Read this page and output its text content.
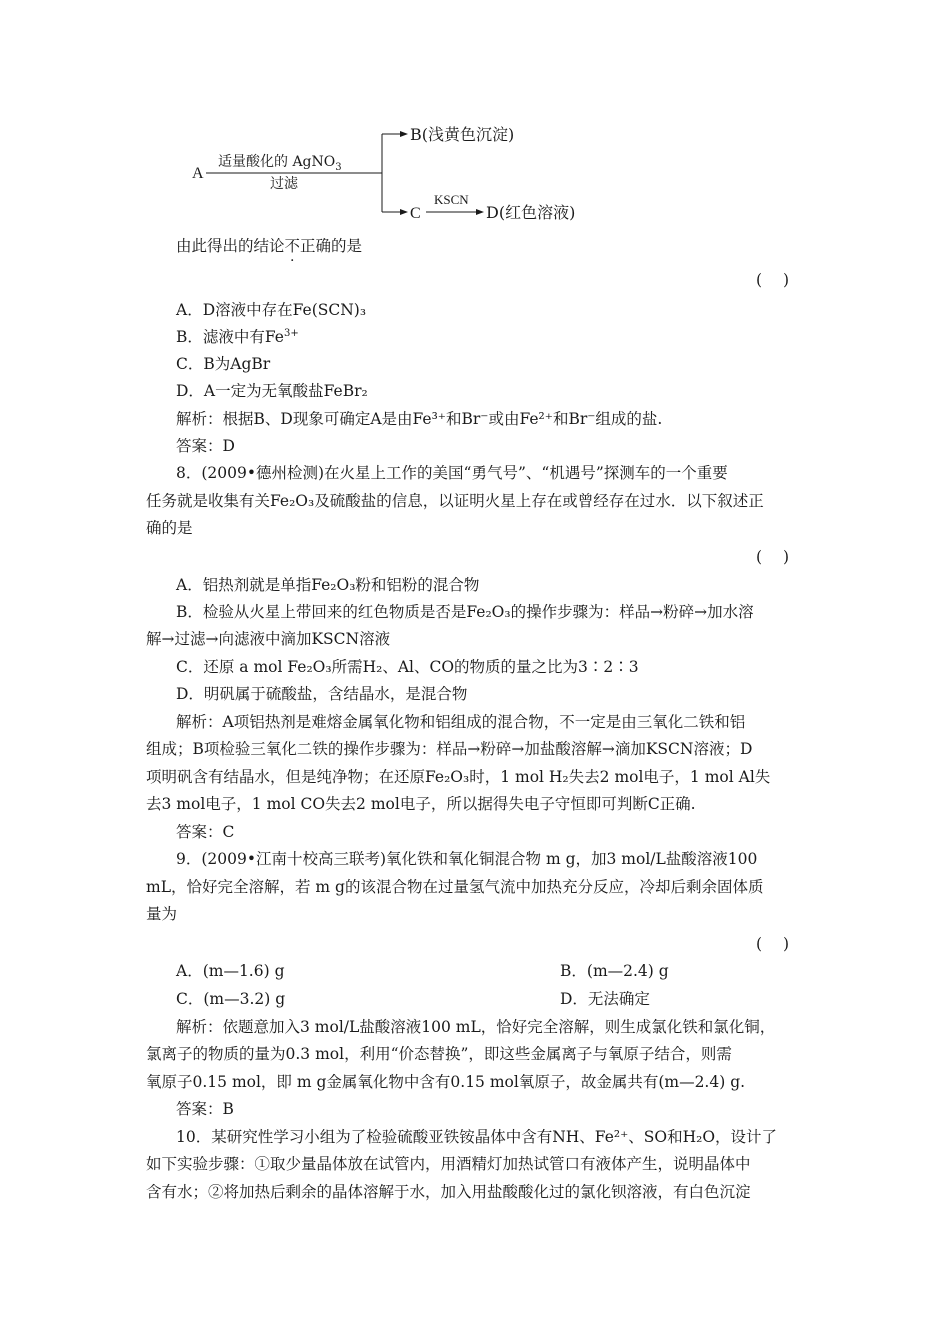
A
适量酸化的 AgNO$_3$
过滤
B(浅黄色沉淀)
C
KSCN
D(红色溶液)
由此得出的结论不正确的是
( )
A．D溶液中存在Fe(SCN)₃
B．滤液中有$Fe^{3+}$
C．B为AgBr
D．A一定为无氧酸盐FeBr₂
解析：根据B、D现象可确定A是由Fe³⁺和Br⁻或由Fe²⁺和Br⁻组成的盐.
答案：D
8．(2009•德州检测)在火星上工作的美国“勇气号”、“机遇号”探测车的一个重要
任务就是收集有关Fe₂O₃及硫酸盐的信息，以证明火星上存在或曾经存在过水．以下叙述正
确的是
( )
A．铝热剂就是单指Fe₂O₃粉和铝粉的混合物
B．检验从火星上带回来的红色物质是否是Fe₂O₃的操作步骤为：样品→粉碎→加水溶
解→过滤→向滤液中滴加KSCN溶液
C．还原 a mol Fe₂O₃所需H₂、Al、CO的物质的量之比为3∶2∶3
D．明矾属于硫酸盐，含结晶水，是混合物
解析：A项铝热剂是难熔金属氧化物和铝组成的混合物，不一定是由三氧化二铁和铝
组成；B项检验三氧化二铁的操作步骤为：样品→粉碎→加盐酸溶解→滴加KSCN溶液；D
项明矾含有结晶水，但是纯净物；在还原Fe₂O₃时，1 mol H₂失去2 mol电子，1 mol Al失
去3 mol电子，1 mol CO失去2 mol电子，所以据得失电子守恒即可判断C正确.
答案：C
9．(2009•江南十校高三联考)氧化铁和氧化铜混合物 m g，加3 mol/L盐酸溶液100
mL，恰好完全溶解，若 m g的该混合物在过量氢气流中加热充分反应，冷却后剩余固体质
量为
( )
A．(m—1.6) g	B．(m—2.4) g
C．(m—3.2) g	D．无法确定
解析：依题意加入3 mol/L盐酸溶液100 mL，恰好完全溶解，则生成氯化铁和氯化铜，
氯离子的物质的量为0.3 mol，利用“价态替换”，即这些金属离子与氧原子结合，则需
氧原子0.15 mol，即 m g金属氧化物中含有0.15 mol氧原子，故金属共有(m—2.4) g.
答案：B
10．某研究性学习小组为了检验硫酸亚铁铵晶体中含有NH、Fe²⁺、SO和H₂O，设计了
如下实验步骤：①取少量晶体放在试管内，用酒精灯加热试管口有液体产生，说明晶体中
含有水；②将加热后剩余的晶体溶解于水，加入用盐酸酸化过的氯化钡溶液，有白色沉淀
